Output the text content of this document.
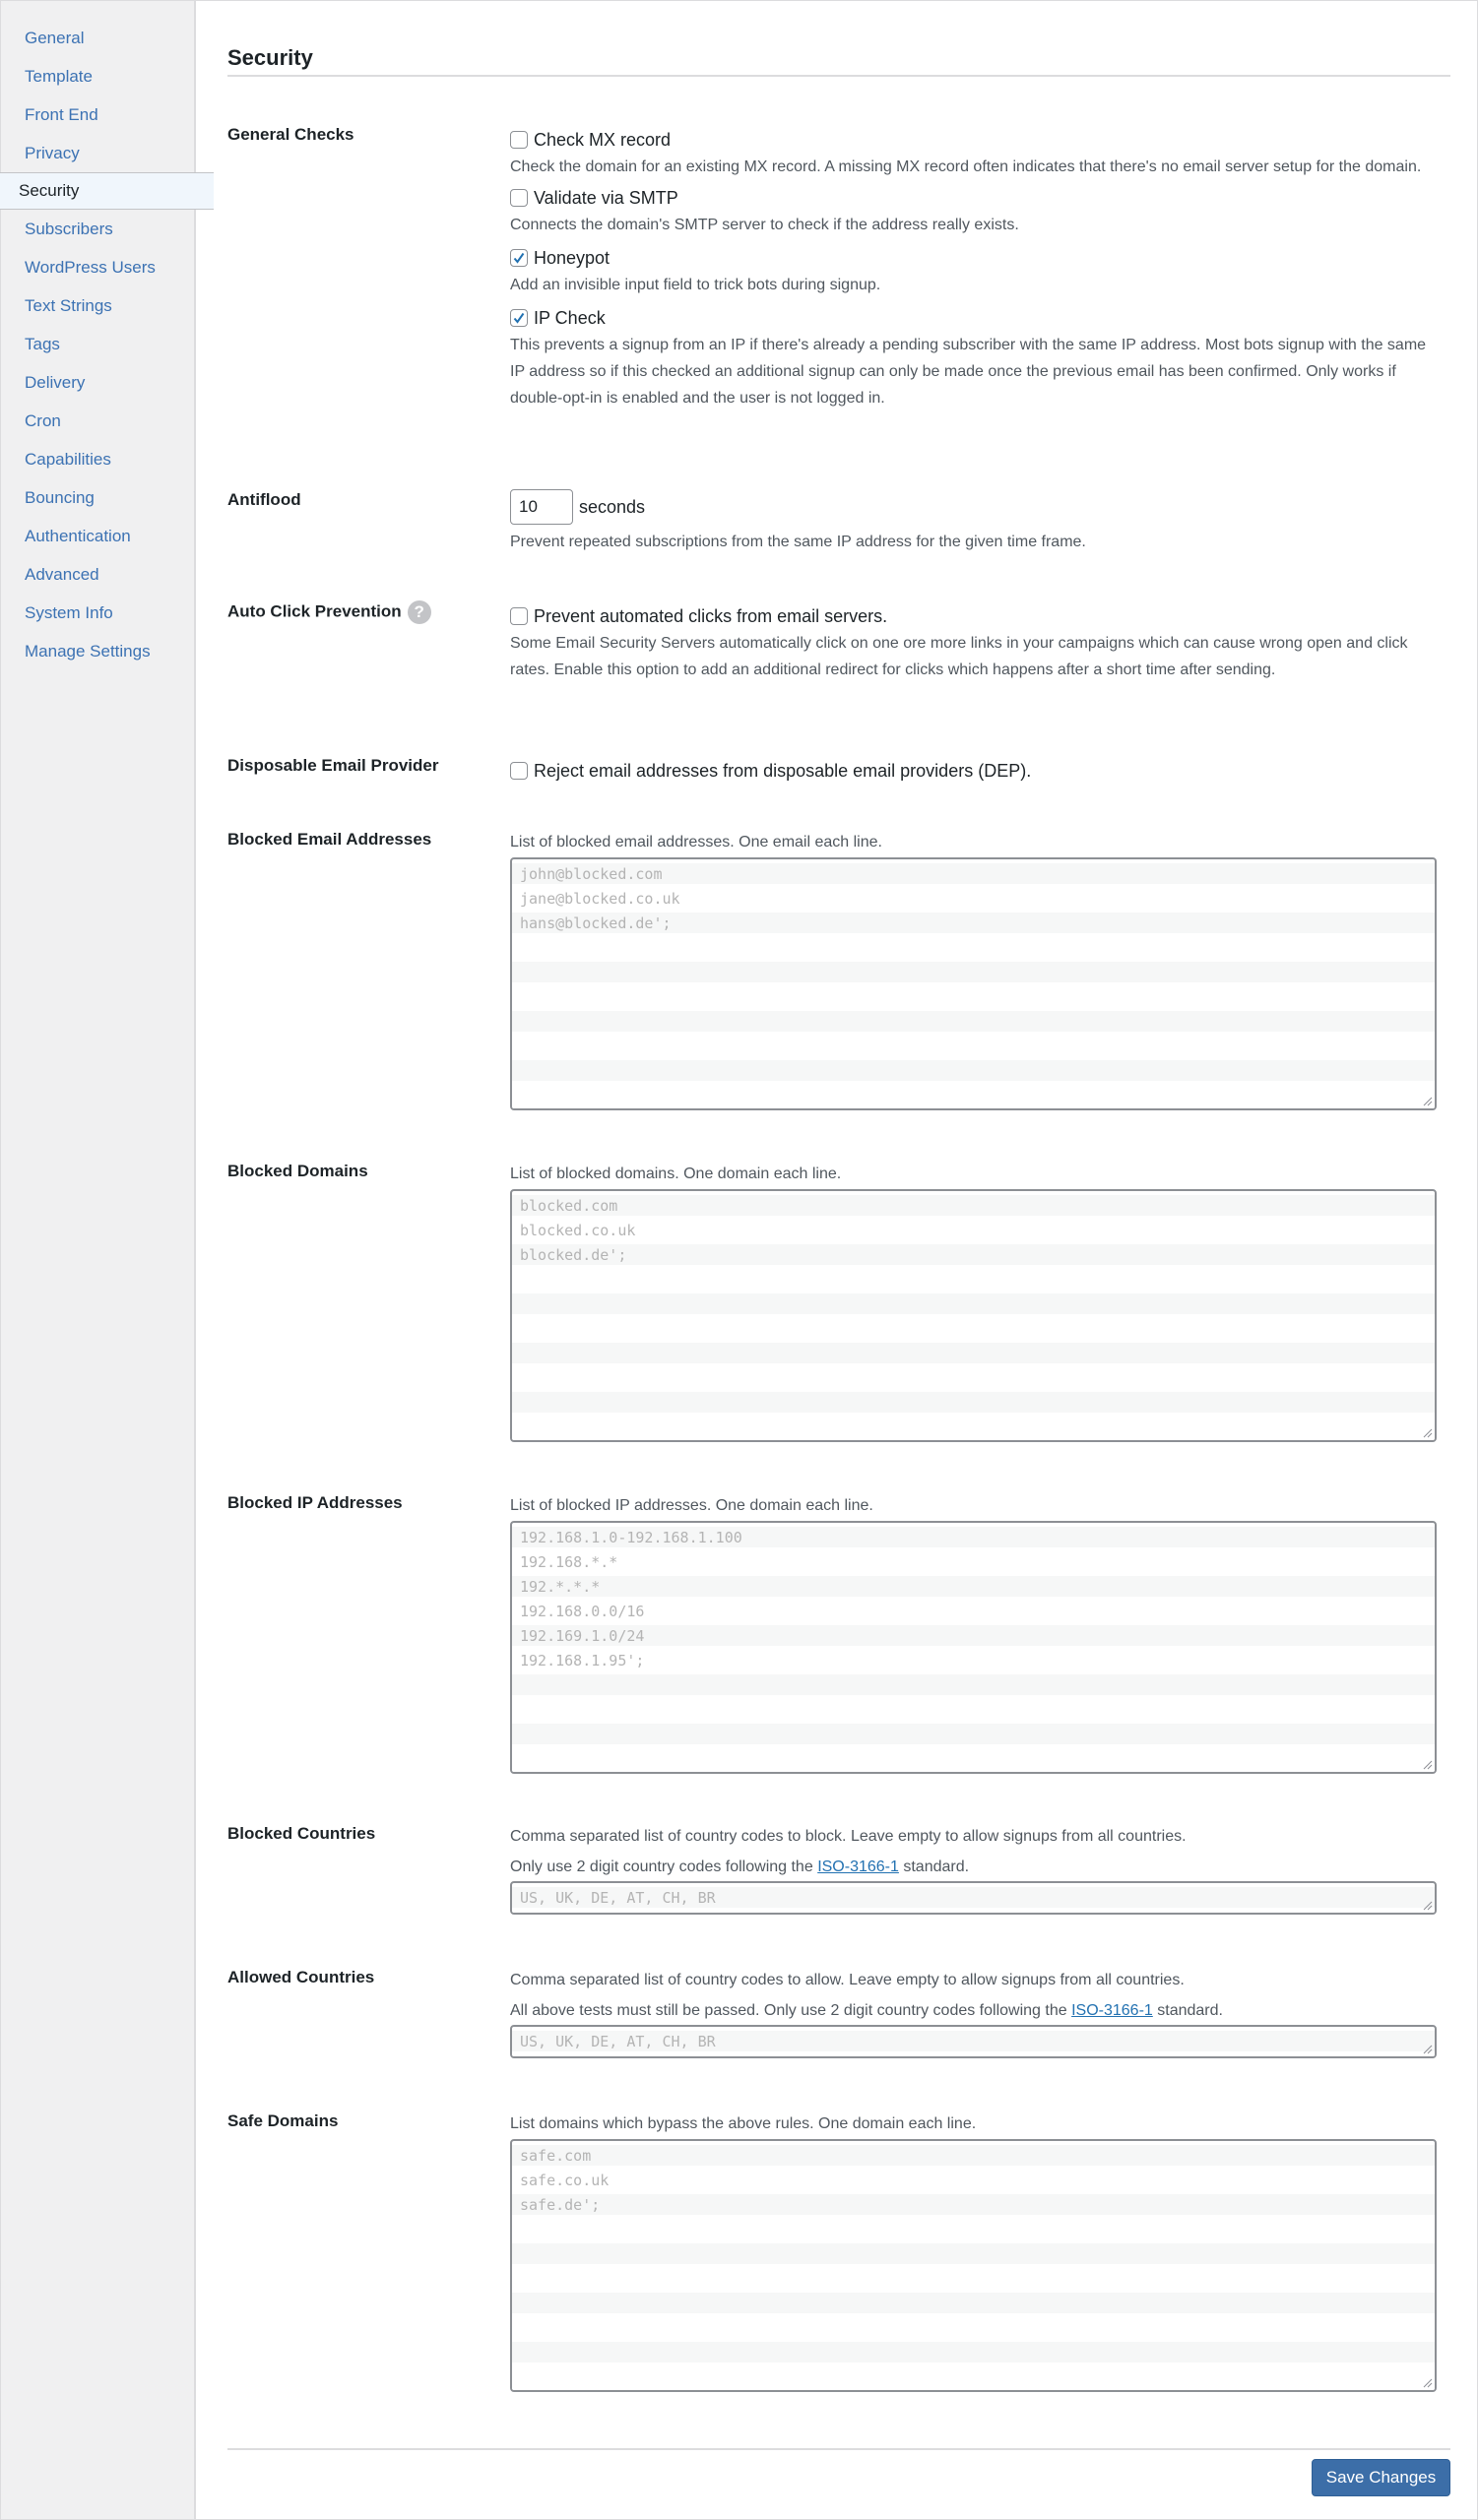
General
Template
Front End
Privacy
Security
Subscribers
WordPress Users
Text Strings
Tags
Delivery
Cron
Capabilities
Bouncing
Authentication
Advanced
System Info
Manage Settings
Security
General Checks	Check MX record
Check the domain for an existing MX record. A missing MX record often indicates that there's no email server setup for the domain.
Validate via SMTP
Connects the domain's SMTP server to check if the address really exists.
Honeypot
Add an invisible input field to trick bots during signup.
IP Check
This prevents a signup from an IP if there's already a pending subscriber with the same IP address. Most bots signup with the same IP address so if this checked an additional signup can only be made once the previous email has been confirmed. Only works if double-opt-in is enabled and the user is not logged in.
Antiflood	10	seconds
Prevent repeated subscriptions from the same IP address for the given time frame.
Auto Click Prevention ?	Prevent automated clicks from email servers.
Some Email Security Servers automatically click on one ore more links in your campaigns which can cause wrong open and click rates. Enable this option to add an additional redirect for clicks which happens after a short time after sending.
Disposable Email Provider	Reject email addresses from disposable email providers (DEP).
Blocked Email Addresses	List of blocked email addresses. One email each line.
john@blocked.com
jane@blocked.co.uk
hans@blocked.de';
Blocked Domains	List of blocked domains. One domain each line.
blocked.com
blocked.co.uk
blocked.de';
Blocked IP Addresses	List of blocked IP addresses. One domain each line.
192.168.1.0-192.168.1.100
192.168.*.*
192.*.*.*
192.168.0.0/16
192.169.1.0/24
192.168.1.95';
Blocked Countries	Comma separated list of country codes to block. Leave empty to allow signups from all countries.
Only use 2 digit country codes following the ISO-3166-1 standard.
US, UK, DE, AT, CH, BR
Allowed Countries	Comma separated list of country codes to allow. Leave empty to allow signups from all countries.
All above tests must still be passed. Only use 2 digit country codes following the ISO-3166-1 standard.
US, UK, DE, AT, CH, BR
Safe Domains	List domains which bypass the above rules. One domain each line.
safe.com
safe.co.uk
safe.de';
Save Changes
